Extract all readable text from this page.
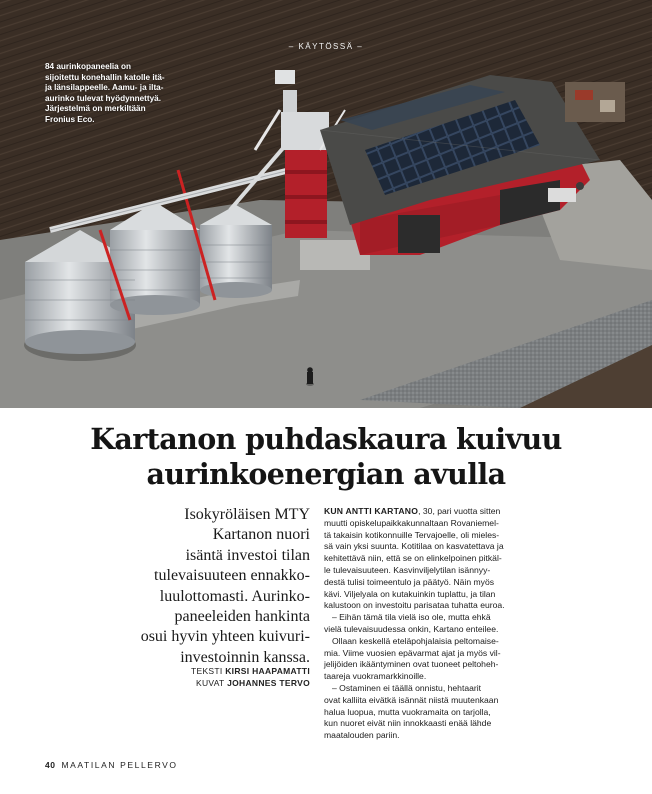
– KÄYTÖSSÄ –
84 aurinkopaneelia on sijoitettu konehallin katolle itä- ja länsilappeelle. Aamu- ja ilta-aurinko tulevat hyödynnettyä. Järjestelmä on merkiltään Fronius Eco.
Kartanon puhdaskaura kuivuu
aurinkoenergian avulla
Isokyröläisen MTY
Kartanon nuori
isäntä investoi tilan
tulevaisuuteen ennakko-
luulottomasti. Aurinko-
paneeleiden hankinta
osui hyvin yhteen kuivuri-
investoinnin kanssa.
TEKSTI KIRSI HAAPAMATTI
KUVAT JOHANNES TERVO
KUN ANTTI KARTANO, 30, pari vuotta sitten
muutti opiskelupaikkakunnaltaan Rovaniemel-
tä takaisin kotikonnuille Tervajoelle, oli mieles-
sä vain yksi suunta. Kotitilaa on kasvatettava ja
kehitettävä niin, että se on elinkelpoinen pitkäl-
le tulevaisuuteen. Kasvinviljelytilan isännyy-
destä tulisi toimeentulo ja päätyö. Näin myös
kävi. Viljelyala on kutakuinkin tuplattu, ja tilan
kalustoon on investoitu parisataa tuhatta euroa.
– Eihän tämä tila vielä iso ole, mutta ehkä
vielä tulevaisuudessa onkin, Kartano enteilee.
Ollaan keskellä eteläpohjalaisia peltomaise-
mia. Viime vuosien epävarmat ajat ja myös vil-
jelijöiden ikääntyminen ovat tuoneet peltoheh-
taareja vuokramarkkinoille.
– Ostaminen ei täällä onnistu, hehtaarit
ovat kalliita eivätkä isännät niistä muutenkaan
halua luopua, mutta vuokramaita on tarjolla,
kun nuoret eivät niin innokkaasti enää lähde
maatalouden pariin.
40 MAATILAN PELLERVO
